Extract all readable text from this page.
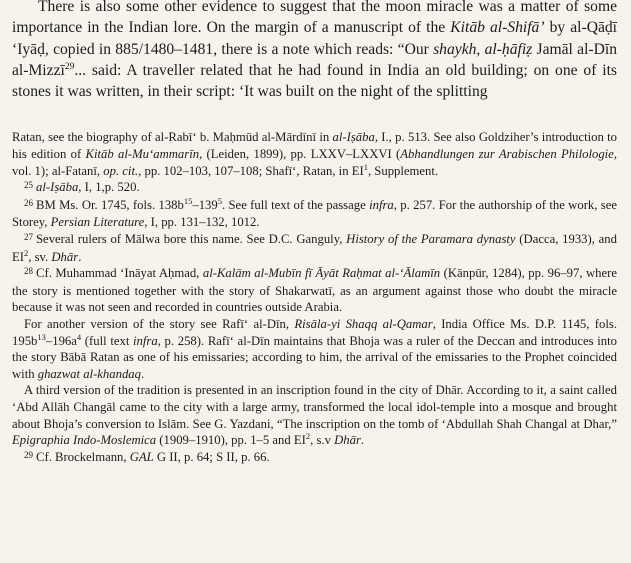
There is also some other evidence to suggest that the moon miracle was a matter of some importance in the Indian lore. On the margin of a manuscript of the Kitāb al-Shifā’ by al-Qāḍī ‘Iyāḍ, copied in 885/1480–1481, there is a note which reads: “Our shaykh, al-ḥāfiẓ Jamāl al-Dīn al-Mizzī$^{29}$... said: A traveller related that he had found in India an old building; on one of its stones it was written, in their script: ‘It was built on the night of the splitting

Ratan, see the biography of al-Rabī‘ b. Maḥmūd al-Mārdīnī in al-Iṣāba, I., p. 513. See also Goldziher’s introduction to his edition of Kitāb al-Mu‘ammarīn, (Leiden, 1899), pp. LXXV–LXXVI (Abhandlungen zur Arabischen Philologie, vol. 1); al-Fatanī, op. cit., pp. 102–103, 107–108; Shafī‘, Ratan, in $EI^1$, Supplement.

$^{25}$ al-Iṣāba, I, 1,p. 520.

$^{26}$ BM Ms. Or. 1745, fols. $138b^{15}-139^5$. See full text of the passage infra, p. 257. For the authorship of the work, see Storey, Persian Literature, I, pp. 131–132, 1012.

$^{27}$ Several rulers of Mālwa bore this name. See D.C. Ganguly, History of the Paramara dynasty (Dacca, 1933), and $EI^2$, sv. Dhār.

$^{28}$ Cf. Muhammad ‘Ināyat Aḥmad, al-Kalām al-Mubīn fī Āyāt Raḥmat al-‘Ālamīn (Kānpūr, 1284), pp. 96–97, where the story is mentioned together with the story of Shakarwatī, as an argument against those who doubt the miracle because it was not seen and recorded in countries outside Arabia.

For another version of the story see Rafī‘ al-Dīn, Risāla-yi Shaqq al-Qamar, India Office Ms. D.P. 1145, fols. $195b^{13}-196a^4$ (full text infra, p. 258). Rafī‘ al-Dīn maintains that Bhoja was a ruler of the Deccan and introduces into the story Bābā Ratan as one of his emissaries; according to him, the arrival of the emissaries to the Prophet coincided with ghazwat al-khandaq.

A third version of the tradition is presented in an inscription found in the city of Dhār. According to it, a saint called ‘Abd Allāh Changāl came to the city with a large army, transformed the local idol-temple into a mosque and brought about Bhoja’s conversion to Islām. See G. Yazdani, “The inscription on the tomb of ‘Abdullah Shah Changal at Dhar,” Epigraphia Indo-Moslemica (1909–1910), pp. 1–5 and $EI^2$, s.v Dhār.

$^{29}$ Cf. Brockelmann, GAL G II, p. 64; S II, p. 66.
